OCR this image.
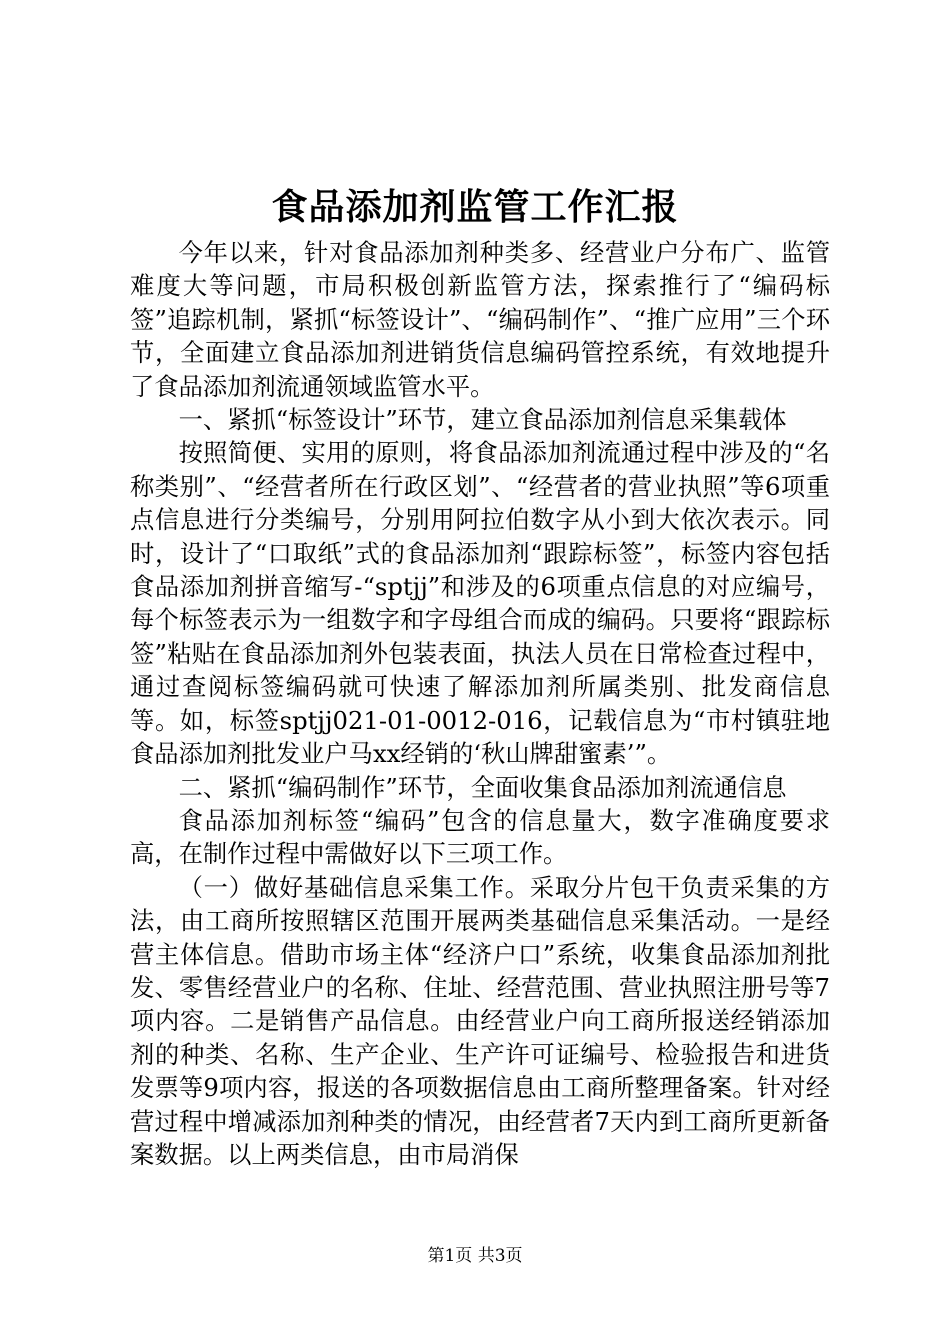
食品添加剂监管工作汇报

今年以来，针对食品添加剂种类多、经营业户分布广、监管难度大等问题，市局积极创新监管方法，探索推行了“编码标签”追踪机制，紧抓“标签设计”、“编码制作”、“推广应用”三个环节，全面建立食品添加剂进销货信息编码管控系统，有效地提升了食品添加剂流通领域监管水平。

一、紧抓“标签设计”环节，建立食品添加剂信息采集载体

按照简便、实用的原则，将食品添加剂流通过程中涉及的“名称类别”、“经营者所在行政区划”、“经营者的营业执照”等6项重点信息进行分类编号，分别用阿拉伯数字从小到大依次表示。同时，设计了“口取纸”式的食品添加剂“跟踪标签”，标签内容包括食品添加剂拼音缩写-“sptjj”和涉及的6项重点信息的对应编号，每个标签表示为一组数字和字母组合而成的编码。只要将“跟踪标签”粘贴在食品添加剂外包装表面，执法人员在日常检查过程中，通过查阅标签编码就可快速了解添加剂所属类别、批发商信息等。如，标签sptjj021-01-0012-016，记载信息为“市村镇驻地食品添加剂批发业户马xx经销的‘秋山牌甜蜜素’”。

二、紧抓“编码制作”环节，全面收集食品添加剂流通信息

食品添加剂标签“编码”包含的信息量大，数字准确度要求高，在制作过程中需做好以下三项工作。

（一）做好基础信息采集工作。采取分片包干负责采集的方法，由工商所按照辖区范围开展两类基础信息采集活动。一是经营主体信息。借助市场主体“经济户口”系统，收集食品添加剂批发、零售经营业户的名称、住址、经营范围、营业执照注册号等7项内容。二是销售产品信息。由经营业户向工商所报送经销添加剂的种类、名称、生产企业、生产许可证编号、检验报告和进货发票等9项内容，报送的各项数据信息由工商所整理备案。针对经营过程中增减添加剂种类的情况，由经营者7天内到工商所更新备案数据。以上两类信息，由市局消保

第1页 共3页
